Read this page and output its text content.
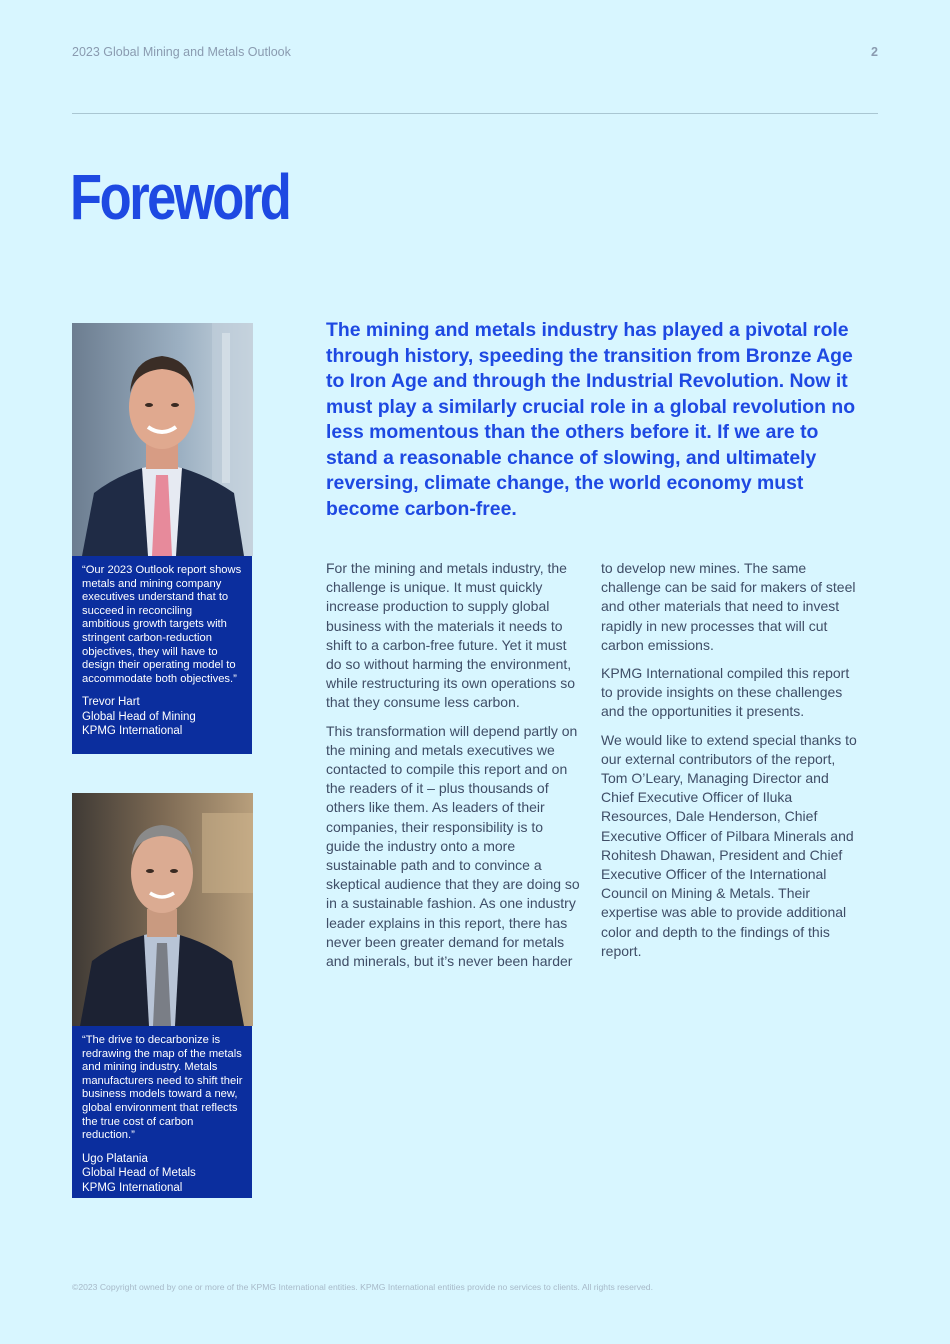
2023 Global Mining and Metals Outlook	2
Foreword

The mining and metals industry has played a pivotal role through history, speeding the transition from Bronze Age to Iron Age and through the Industrial Revolution. Now it must play a similarly crucial role in a global revolution no less momentous than the others before it. If we are to stand a reasonable chance of slowing, and ultimately reversing, climate change, the world economy must become carbon-free.

For the mining and metals industry, the challenge is unique. It must quickly increase production to supply global business with the materials it needs to shift to a carbon-free future. Yet it must do so without harming the environment, while restructuring its own operations so that they consume less carbon.

This transformation will depend partly on the mining and metals executives we contacted to compile this report and on the readers of it – plus thousands of others like them. As leaders of their companies, their responsibility is to guide the industry onto a more sustainable path and to convince a skeptical audience that they are doing so in a sustainable fashion. As one industry leader explains in this report, there has never been greater demand for metals and minerals, but it’s never been harder

to develop new mines. The same challenge can be said for makers of steel and other materials that need to invest rapidly in new processes that will cut carbon emissions.

KPMG International compiled this report to provide insights on these challenges and the opportunities it presents.

We would like to extend special thanks to our external contributors of the report, Tom O’Leary, Managing Director and Chief Executive Officer of Iluka Resources, Dale Henderson, Chief Executive Officer of Pilbara Minerals and Rohitesh Dhawan, President and Chief Executive Officer of the International Council on Mining & Metals. Their expertise was able to provide additional color and depth to the findings of this report.

“Our 2023 Outlook report shows metals and mining company executives understand that to succeed in reconciling ambitious growth targets with stringent carbon-reduction objectives, they will have to design their operating model to accommodate both objectives.”

Trevor Hart

Global Head of Mining

KPMG International

“The drive to decarbonize is redrawing the map of the metals and mining industry. Metals manufacturers need to shift their business models toward a new, global environment that reflects the true cost of carbon reduction.”

Ugo Platania

Global Head of Metals

KPMG International

©2023 Copyright owned by one or more of the KPMG International entities. KPMG International entities provide no services to clients. All rights reserved.
